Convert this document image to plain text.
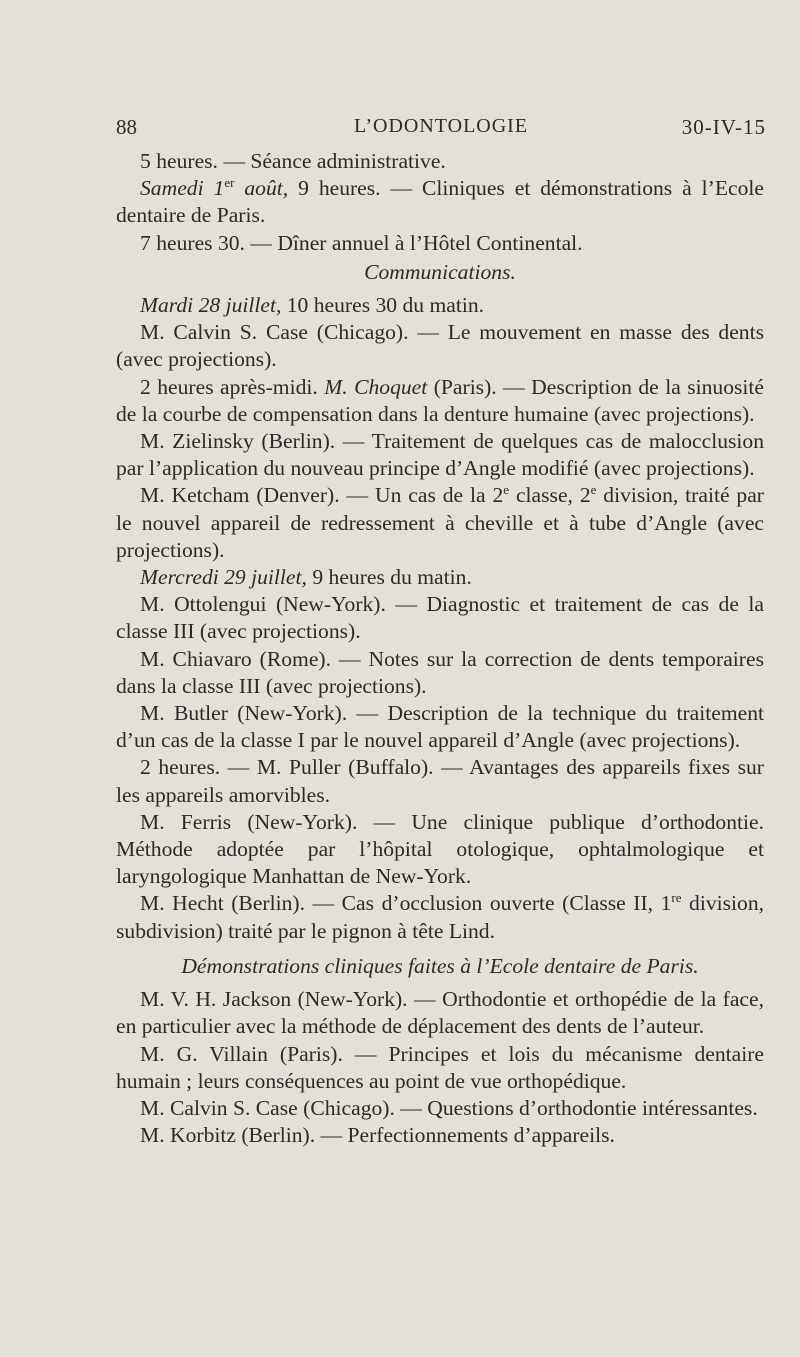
88	L’ODONTOLOGIE	30-IV-15

5 heures. — Séance administrative.

Samedi 1er août, 9 heures. — Cliniques et démonstrations à l’Ecole dentaire de Paris.

7 heures 30. — Dîner annuel à l’Hôtel Continental.

Communications.

Mardi 28 juillet, 10 heures 30 du matin.

M. Calvin S. Case (Chicago). — Le mouvement en masse des dents (avec projections).

2 heures après-midi. M. Choquet (Paris). — Description de la sinuosité de la courbe de compensation dans la denture humaine (avec projections).

M. Zielinsky (Berlin). — Traitement de quelques cas de malocclusion par l’application du nouveau principe d’Angle modifié (avec projections).

M. Ketcham (Denver). — Un cas de la 2e classe, 2e division, traité par le nouvel appareil de redressement à cheville et à tube d’Angle (avec projections).

Mercredi 29 juillet, 9 heures du matin.

M. Ottolengui (New-York). — Diagnostic et traitement de cas de la classe III (avec projections).

M. Chiavaro (Rome). — Notes sur la correction de dents temporaires dans la classe III (avec projections).

M. Butler (New-York). — Description de la technique du traitement d’un cas de la classe I par le nouvel appareil d’Angle (avec projections).

2 heures. — M. Puller (Buffalo). — Avantages des appareils fixes sur les appareils amorvibles.

M. Ferris (New-York). — Une clinique publique d’orthodontie. Méthode adoptée par l’hôpital otologique, ophtalmologique et laryngologique Manhattan de New-York.

M. Hecht (Berlin). — Cas d’occlusion ouverte (Classe II, 1re division, subdivision) traité par le pignon à tête Lind.

Démonstrations cliniques faites à l’Ecole dentaire de Paris.

M. V. H. Jackson (New-York). — Orthodontie et orthopédie de la face, en particulier avec la méthode de déplacement des dents de l’auteur.

M. G. Villain (Paris). — Principes et lois du mécanisme dentaire humain ; leurs conséquences au point de vue orthopédique.

M. Calvin S. Case (Chicago). — Questions d’orthodontie intéressantes.

M. Korbitz (Berlin). — Perfectionnements d’appareils.
